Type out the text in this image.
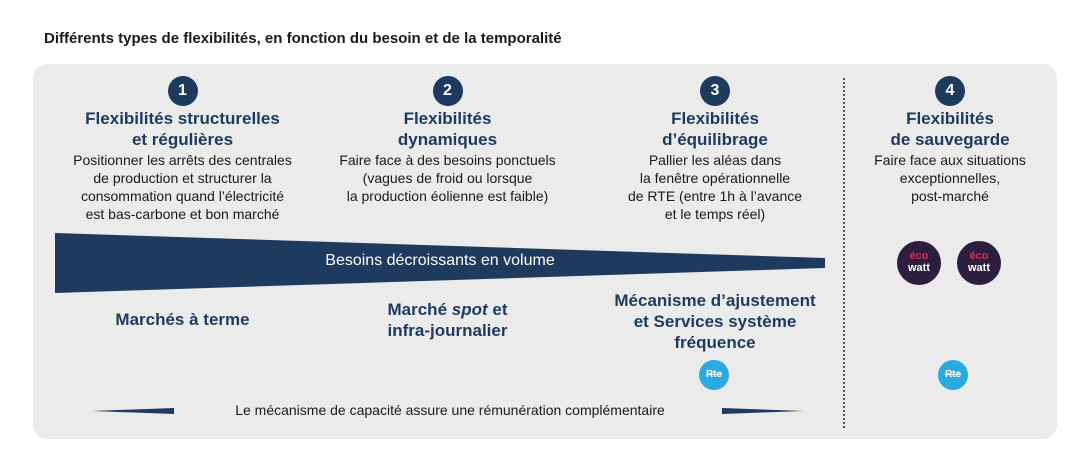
Différents types de flexibilités, en fonction du besoin et de la temporalité
1
Flexibilités structurelles
et régulières
Positionner les arrêts des centrales
de production et structurer la
consommation quand l’électricité
est bas-carbone et bon marché
2
Flexibilités
dynamiques
Faire face à des besoins ponctuels
(vagues de froid ou lorsque
la production éolienne est faible)
3
Flexibilités
d’équilibrage
Pallier les aléas dans
la fenêtre opérationnelle
de RTE (entre 1h à l’avance
et le temps réel)
4
Flexibilités
de sauvegarde
Faire face aux situations
exceptionnelles,
post-marché
Besoins décroissants en volume
Marchés à terme
Marché spot et
infra-journalier
Mécanisme d’ajustement
et Services système
fréquence
éco
watt
éco
watt
Rte	Rte
Le mécanisme de capacité assure une rémunération complémentaire
